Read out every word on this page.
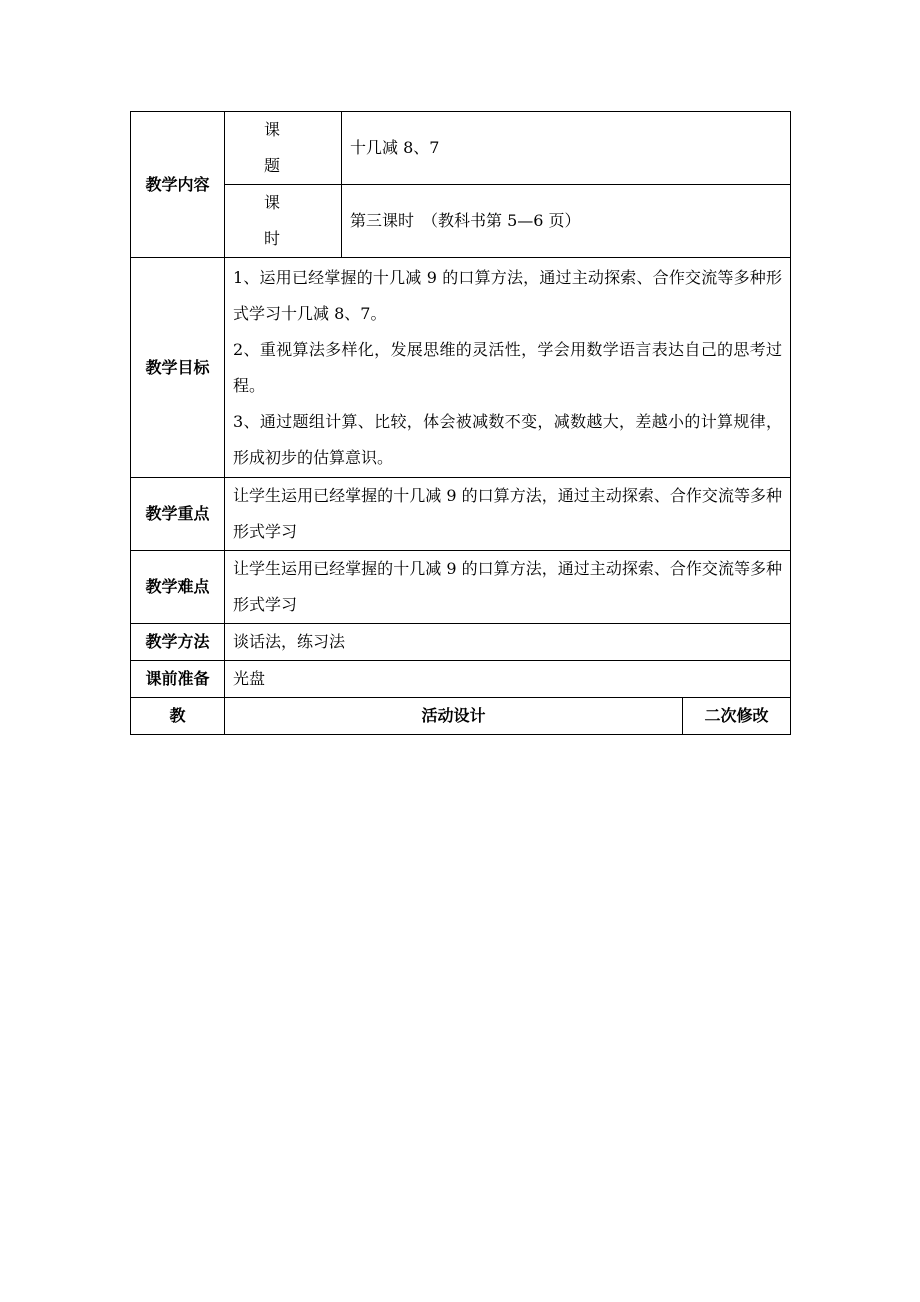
教学内容	课　题	十几减 8、7	
	课　时	第三课时　（教科书第 5—6 页）	
教学目标	1、运用已经掌握的十几减 9 的口算方法，通过主动探索、合作交流等多种形式学习十几减 8、7。

2、重视算法多样化，发展思维的灵活性，学会用数学语言表达自己的思考过程。

3、通过题组计算、比较，体会被减数不变，减数越大，差越小的计算规律，形成初步的估算意识。		

教学重点	让学生运用已经掌握的十几减 9 的口算方法，通过主动探索、合作交流等多种形式学习		
教学难点	让学生运用已经掌握的十几减 9 的口算方法，通过主动探索、合作交流等多种形式学习		
教学方法	谈话法，练习法		
课前准备	光盘		
教	活动设计		二次修改
